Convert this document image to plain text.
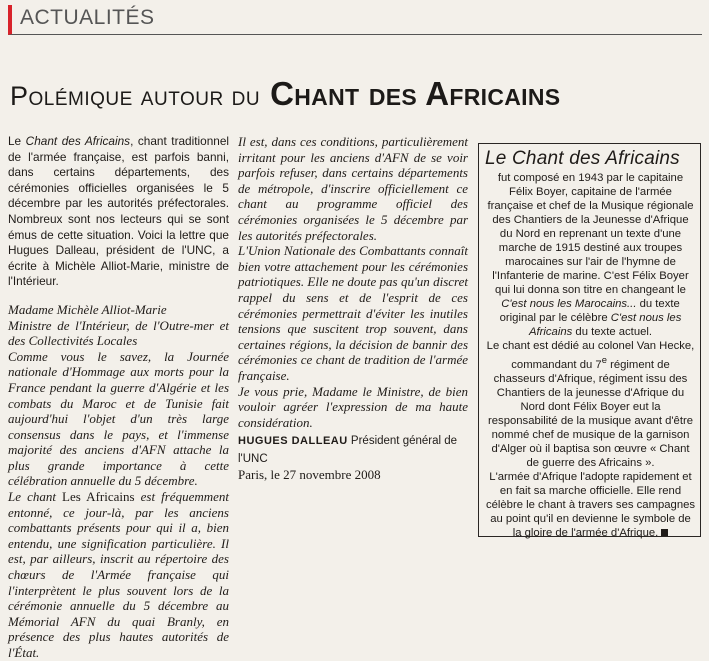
ACTUALITÉS
Polémique autour du Chant des Africains

Le Chant des Africains, chant traditionnel de l'armée française, est parfois banni, dans certains départements, des cérémonies officielles organisées le 5 décembre par les autorités préfectorales. Nombreux sont nos lecteurs qui se sont émus de cette situation. Voici la lettre que Hugues Dalleau, président de l'UNC, a écrite à Michèle Alliot-Marie, ministre de l'Intérieur.

Madame Michèle Alliot-Marie

Ministre de l'Intérieur, de l'Outre-mer et des Collectivités Locales

Comme vous le savez, la Journée nationale d'Hommage aux morts pour la France pendant la guerre d'Algérie et les combats du Maroc et de Tunisie fait aujourd'hui l'objet d'un très large consensus dans le pays, et l'immense majorité des anciens d'AFN attache la plus grande importance à cette célébration annuelle du 5 décembre.

Le chant Les Africains est fréquemment entonné, ce jour-là, par les anciens combattants présents pour qui il a, bien entendu, une signification particulière. Il est, par ailleurs, inscrit au répertoire des chœurs de l'Armée française qui l'interprètent le plus souvent lors de la cérémonie annuelle du 5 décembre au Mémorial AFN du quai Branly, en présence des plus hautes autorités de l'État.

Il est, dans ces conditions, particulièrement irritant pour les anciens d'AFN de se voir parfois refuser, dans certains départements de métropole, d'inscrire officiellement ce chant au programme officiel des cérémonies organisées le 5 décembre par les autorités préfectorales.

L'Union Nationale des Combattants connaît bien votre attachement pour les cérémonies patriotiques. Elle ne doute pas qu'un discret rappel du sens et de l'esprit de ces cérémonies permettrait d'éviter les inutiles tensions que suscitent trop souvent, dans certaines régions, la décision de bannir des cérémonies ce chant de tradition de l'armée française.

Je vous prie, Madame le Ministre, de bien vouloir agréer l'expression de ma haute considération.

HUGUES DALLEAU Président général de l'UNC
Paris, le 27 novembre 2008
Le Chant des Africains

fut composé en 1943 par le capitaine Félix Boyer, capitaine de l'armée française et chef de la Musique régionale des Chantiers de la Jeunesse d'Afrique du Nord en reprenant un texte d'une marche de 1915 destiné aux troupes marocaines sur l'air de l'hymne de l'Infanterie de marine. C'est Félix Boyer qui lui donna son titre en changeant le C'est nous les Marocains... du texte original par le célèbre C'est nous les Africains du texte actuel.

Le chant est dédié au colonel Van Hecke, commandant du 7e régiment de chasseurs d'Afrique, régiment issu des Chantiers de la jeunesse d'Afrique du Nord dont Félix Boyer eut la responsabilité de la musique avant d'être nommé chef de musique de la garnison d'Alger où il baptisa son œuvre « Chant de guerre des Africains ».

L'armée d'Afrique l'adopte rapidement et en fait sa marche officielle. Elle rend célèbre le chant à travers ses campagnes au point qu'il en devienne le symbole de la gloire de l'armée d'Afrique.
